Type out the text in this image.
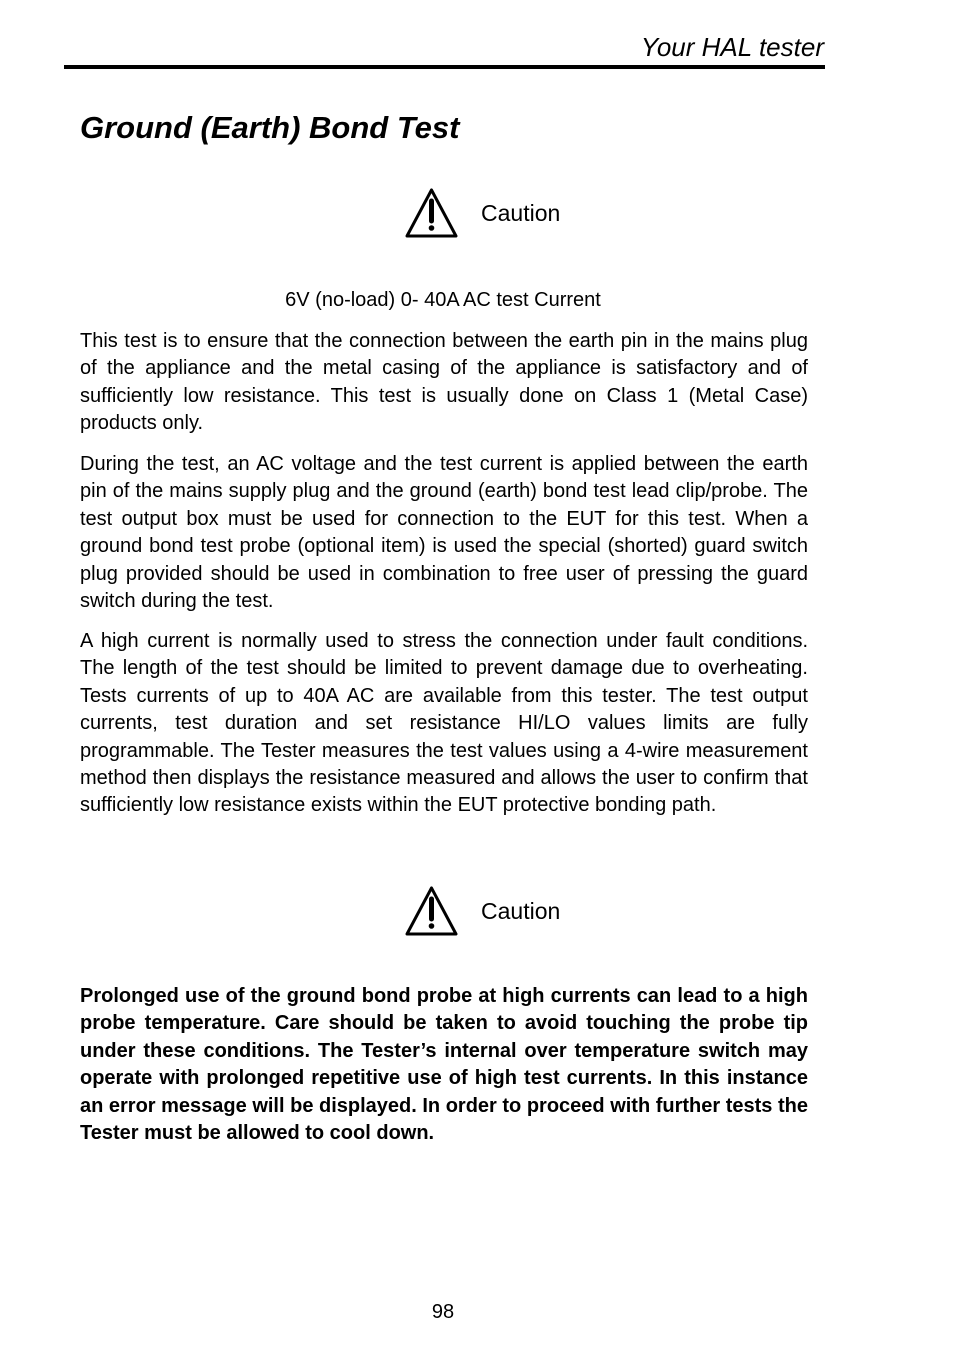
Your HAL tester
Ground (Earth) Bond Test
Caution
6V (no-load) 0- 40A AC test Current

This test is to ensure that the connection between the earth pin in the mains plug of the appliance and the metal casing of the appliance is satisfactory and of sufficiently low resistance. This test is usually done on Class 1 (Metal Case) products only.

During the test, an AC voltage and the test current is applied between the earth pin of the mains supply plug and the ground (earth) bond test lead clip/probe. The test output box must be used for connection to the EUT for this test. When a ground bond test probe (optional item) is used the special (shorted) guard switch plug provided should be used in combination to free user of pressing the guard switch during the test.

A high current is normally used to stress the connection under fault conditions. The length of the test should be limited to prevent damage due to overheating. Tests currents of up to 40A AC are available from this tester. The test output currents, test duration and set resistance HI/LO values limits are fully programmable. The Tester measures the test values using a 4-wire measurement method then displays the resistance measured and allows the user to confirm that sufficiently low resistance exists within the EUT protective bonding path.

Caution

Prolonged use of the ground bond probe at high currents can lead to a high probe temperature. Care should be taken to avoid touching the probe tip under these conditions. The Tester’s internal over temperature switch may operate with prolonged repetitive use of high test currents. In this instance an error message will be displayed. In order to proceed with further tests the Tester must be allowed to cool down.

98
